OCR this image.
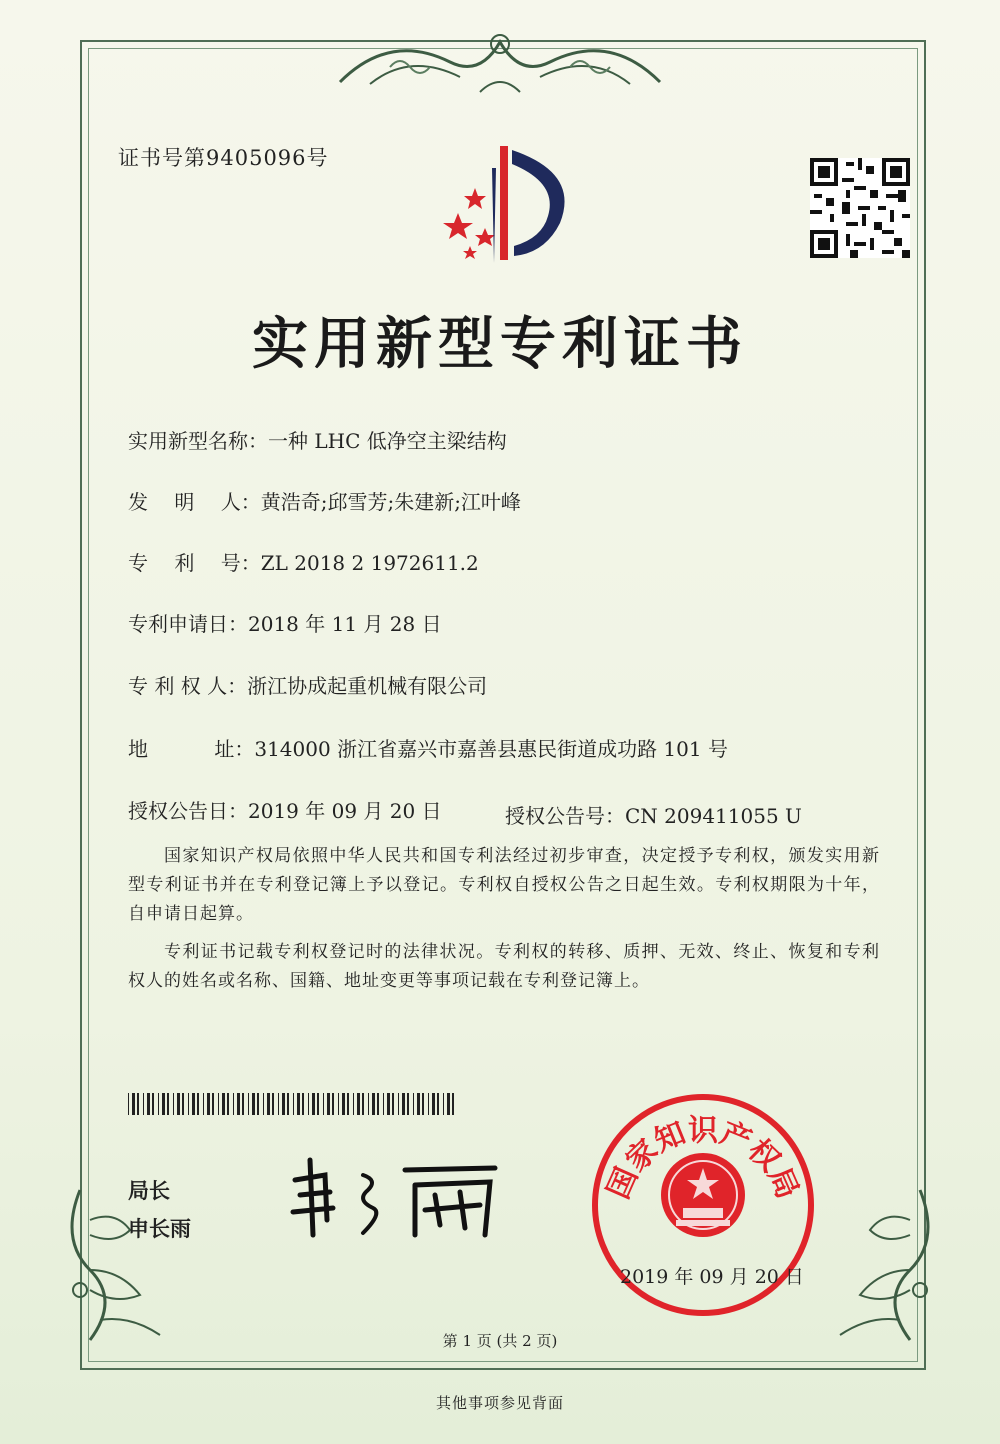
证书号第9405096号
实用新型专利证书
实用新型名称：一种 LHC 低净空主梁结构
发　 明 　人：黄浩奇;邱雪芳;朱建新;江叶峰
专　 利 　号：ZL 2018 2 1972611.2
专利申请日：2018 年 11 月 28 日
专 利 权 人：浙江协成起重机械有限公司
地　　　 址：314000 浙江省嘉兴市嘉善县惠民街道成功路 101 号
授权公告日：2019 年 09 月 20 日	授权公告号：CN 209411055 U
国家知识产权局依照中华人民共和国专利法经过初步审查，决定授予专利权，颁发实用新型专利证书并在专利登记簿上予以登记。专利权自授权公告之日起生效。专利权期限为十年，自申请日起算。
专利证书记载专利权登记时的法律状况。专利权的转移、质押、无效、终止、恢复和专利权人的姓名或名称、国籍、地址变更等事项记载在专利登记簿上。
局长
申长雨
国家知识产权局
2019 年 09 月 20 日
第 1 页 (共 2 页)
其他事项参见背面
